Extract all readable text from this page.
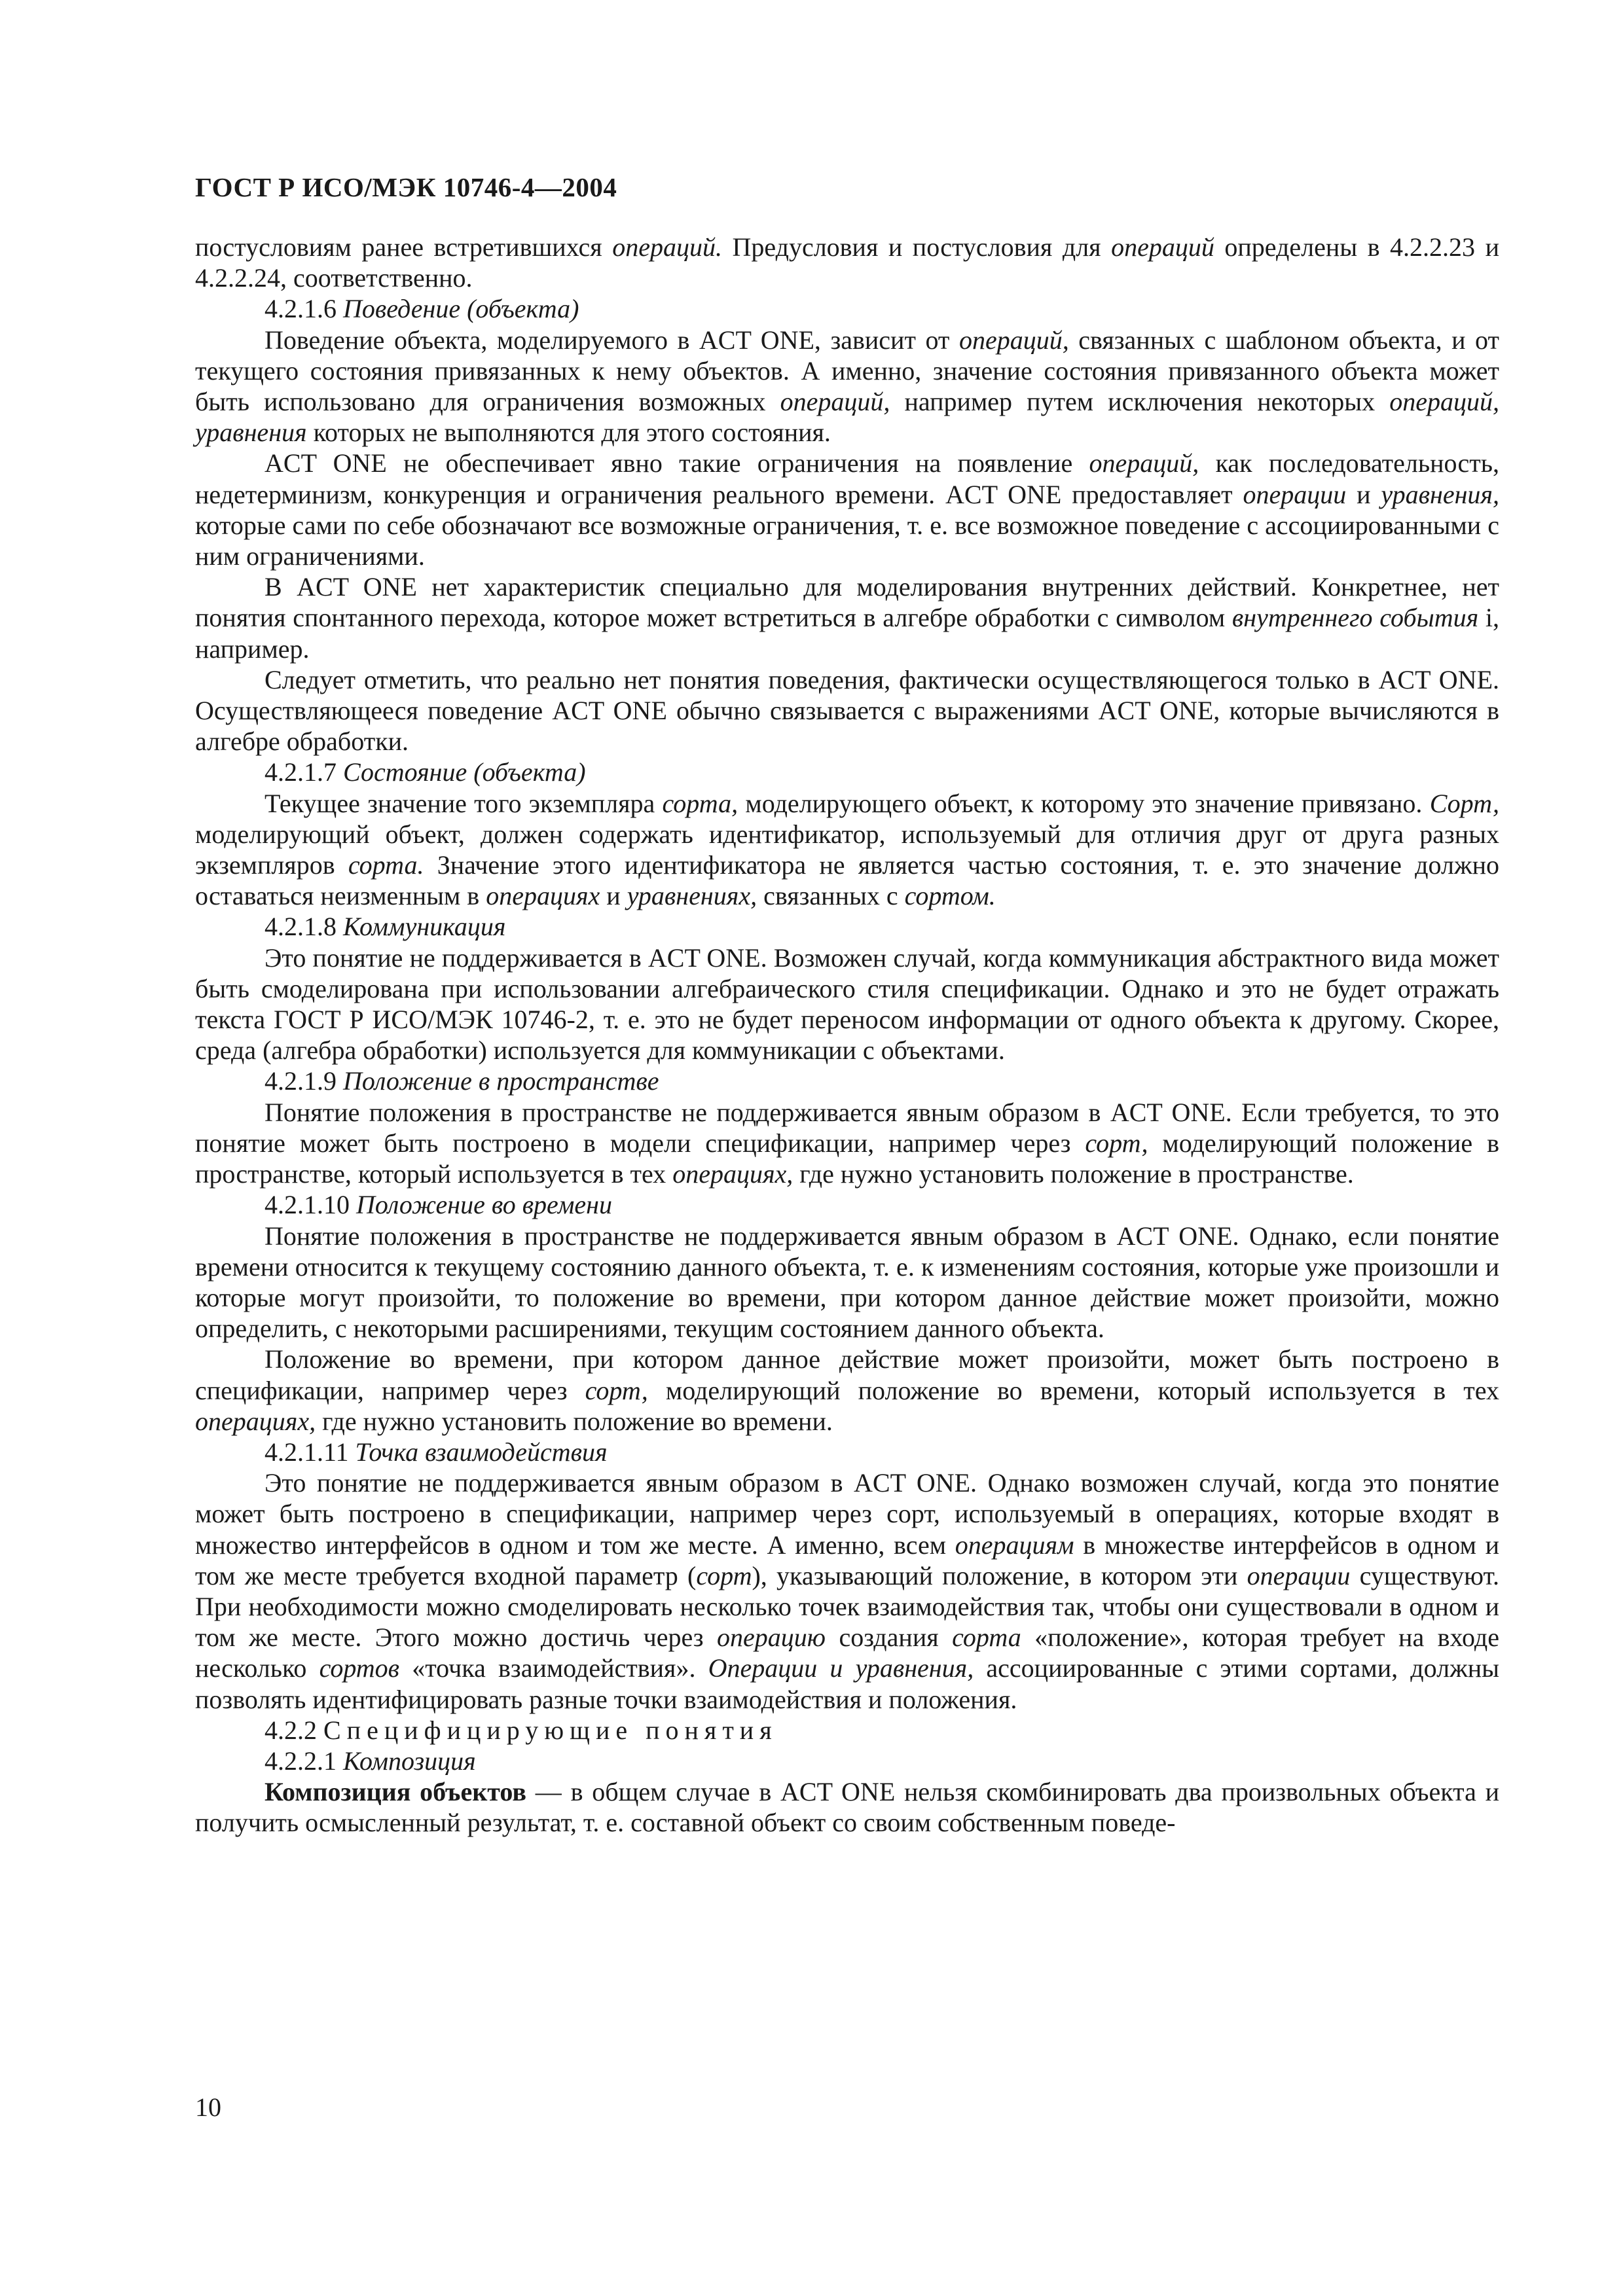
ГОСТ Р ИСО/МЭК 10746-4—2004

постусловиям ранее встретившихся операций. Предусловия и постусловия для операций определены в 4.2.2.23 и 4.2.2.24, соответственно.

4.2.1.6 Поведение (объекта)

Поведение объекта, моделируемого в ACT ONE, зависит от операций, связанных с шаблоном объекта, и от текущего состояния привязанных к нему объектов. А именно, значение состояния привязанного объекта может быть использовано для ограничения возможных операций, например путем исключения некоторых операций, уравнения которых не выполняются для этого состояния.

ACT ONE не обеспечивает явно такие ограничения на появление операций, как последовательность, недетерминизм, конкуренция и ограничения реального времени. ACT ONE предоставляет операции и уравнения, которые сами по себе обозначают все возможные ограничения, т. е. все возможное поведение с ассоциированными с ним ограничениями.

В ACT ONE нет характеристик специально для моделирования внутренних действий. Конкретнее, нет понятия спонтанного перехода, которое может встретиться в алгебре обработки с символом внутреннего события i, например.

Следует отметить, что реально нет понятия поведения, фактически осуществляющегося только в ACT ONE. Осуществляющееся поведение ACT ONE обычно связывается с выражениями ACT ONE, которые вычисляются в алгебре обработки.

4.2.1.7 Состояние (объекта)

Текущее значение того экземпляра сорта, моделирующего объект, к которому это значение привязано. Сорт, моделирующий объект, должен содержать идентификатор, используемый для отличия друг от друга разных экземпляров сорта. Значение этого идентификатора не является частью состояния, т. е. это значение должно оставаться неизменным в операциях и уравнениях, связанных с сортом.

4.2.1.8 Коммуникация

Это понятие не поддерживается в ACT ONE. Возможен случай, когда коммуникация абстрактного вида может быть смоделирована при использовании алгебраического стиля спецификации. Однако и это не будет отражать текста ГОСТ Р ИСО/МЭК 10746-2, т. е. это не будет переносом информации от одного объекта к другому. Скорее, среда (алгебра обработки) используется для коммуникации с объектами.

4.2.1.9 Положение в пространстве

Понятие положения в пространстве не поддерживается явным образом в ACT ONE. Если требуется, то это понятие может быть построено в модели спецификации, например через сорт, моделирующий положение в пространстве, который используется в тех операциях, где нужно установить положение в пространстве.

4.2.1.10 Положение во времени

Понятие положения в пространстве не поддерживается явным образом в ACT ONE. Однако, если понятие времени относится к текущему состоянию данного объекта, т. е. к изменениям состояния, которые уже произошли и которые могут произойти, то положение во времени, при котором данное действие может произойти, можно определить, с некоторыми расширениями, текущим состоянием данного объекта.

Положение во времени, при котором данное действие может произойти, может быть построено в спецификации, например через сорт, моделирующий положение во времени, который используется в тех операциях, где нужно установить положение во времени.

4.2.1.11 Точка взаимодействия

Это понятие не поддерживается явным образом в ACT ONE. Однако возможен случай, когда это понятие может быть построено в спецификации, например через сорт, используемый в операциях, которые входят в множество интерфейсов в одном и том же месте. А именно, всем операциям в множестве интерфейсов в одном и том же месте требуется входной параметр (сорт), указывающий положение, в котором эти операции существуют. При необходимости можно смоделировать несколько точек взаимодействия так, чтобы они существовали в одном и том же месте. Этого можно достичь через операцию создания сорта «положение», которая требует на входе несколько сортов «точка взаимодействия». Операции и уравнения, ассоциированные с этими сортами, должны позволять идентифицировать разные точки взаимодействия и положения.

4.2.2 Специфицирующие понятия

4.2.2.1 Композиция

Композиция объектов — в общем случае в ACT ONE нельзя скомбинировать два произвольных объекта и получить осмысленный результат, т. е. составной объект со своим собственным поведе-

10
